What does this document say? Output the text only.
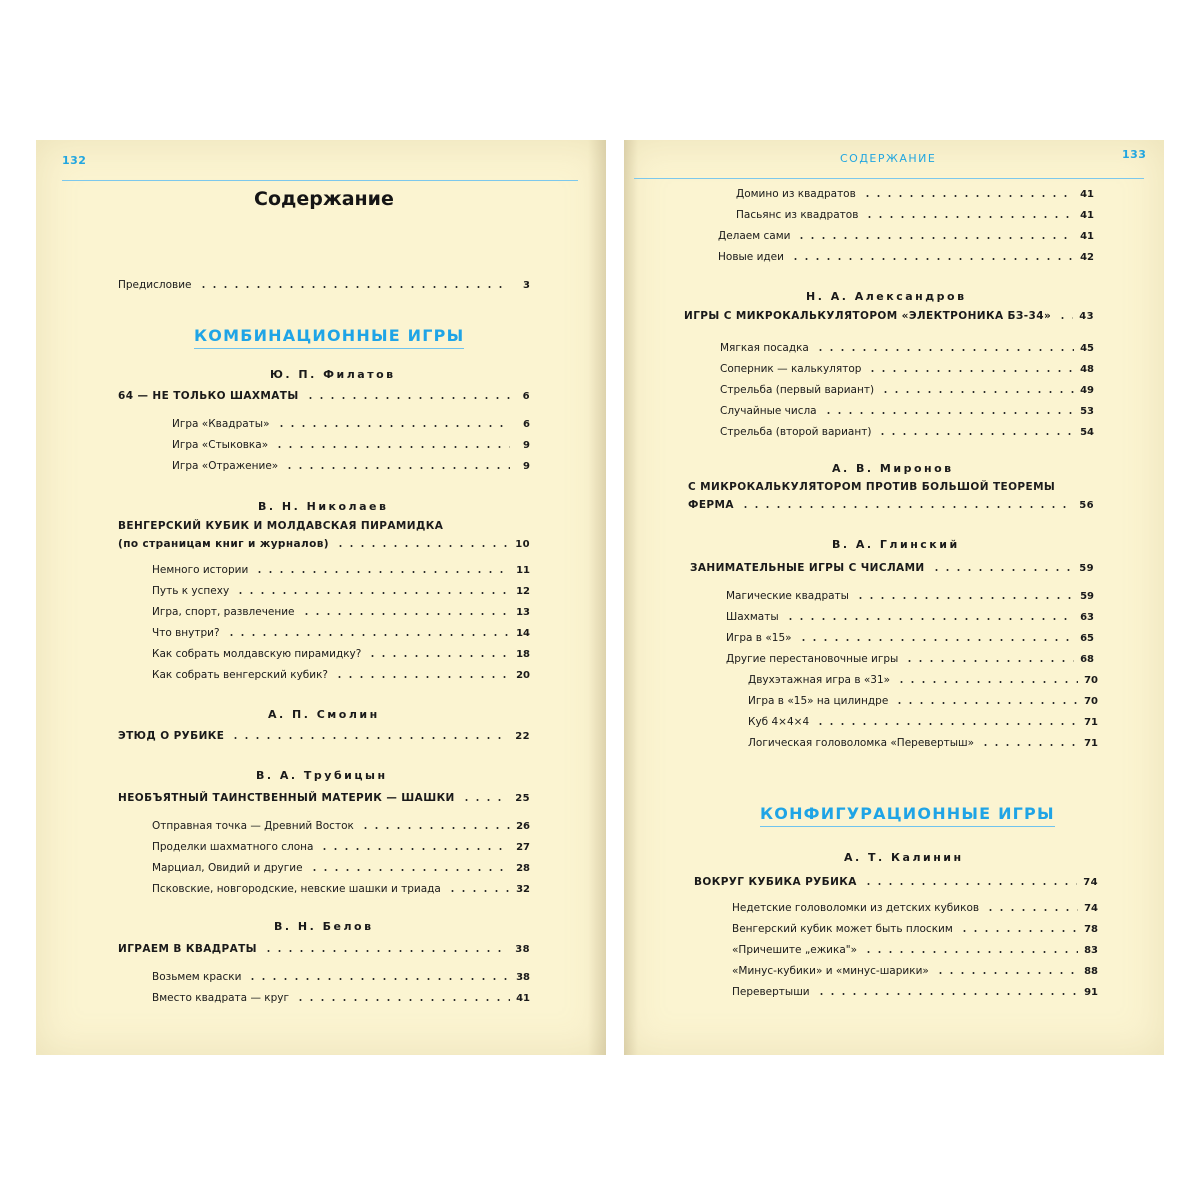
132
Содержание
Предисловие	3
КОМБИНАЦИОННЫЕ ИГРЫ
Ю. П. Филатов
64 — НЕ ТОЛЬКО ШАХМАТЫ	6
Игра «Квадраты»	6
Игра «Стыковка»	9
Игра «Отражение»	9
В. Н. Николаев
ВЕНГЕРСКИЙ КУБИК И МОЛДАВСКАЯ ПИРАМИДКА
(по страницам книг и журналов)	10
Немного истории	11
Путь к успеху	12
Игра, спорт, развлечение	13
Что внутри?	14
Как собрать молдавскую пирамидку?	18
Как собрать венгерский кубик?	20
А. П. Смолин
ЭТЮД О РУБИКЕ	22
В. А. Трубицын
НЕОБЪЯТНЫЙ ТАИНСТВЕННЫЙ МАТЕРИК — ШАШКИ	25
Отправная точка — Древний Восток	26
Проделки шахматного слона	27
Марциал, Овидий и другие	28
Псковские, новгородские, невские шашки и триада	32
В. Н. Белов
ИГРАЕМ В КВАДРАТЫ	38
Возьмем краски	38
Вместо квадрата — круг	41
СОДЕРЖАНИЕ	133
Домино из квадратов	41
Пасьянс из квадратов	41
Делаем сами	41
Новые идеи	42
Н. А. Александров
ИГРЫ С МИКРОКАЛЬКУЛЯТОРОМ «ЭЛЕКТРОНИКА БЗ-34»	43
Мягкая посадка	45
Соперник — калькулятор	48
Стрельба (первый вариант)	49
Случайные числа	53
Стрельба (второй вариант)	54
А. В. Миронов
С МИКРОКАЛЬКУЛЯТОРОМ ПРОТИВ БОЛЬШОЙ ТЕОРЕМЫ
ФЕРМА	56
В. А. Глинский
ЗАНИМАТЕЛЬНЫЕ ИГРЫ С ЧИСЛАМИ	59
Магические квадраты	59
Шахматы	63
Игра в «15»	65
Другие перестановочные игры	68
Двухэтажная игра в «31»	70
Игра в «15» на цилиндре	70
Куб 4×4×4	71
Логическая головоломка «Перевертыш»	71
КОНФИГУРАЦИОННЫЕ ИГРЫ
А. Т. Калинин
ВОКРУГ КУБИКА РУБИКА	74
Недетские головоломки из детских кубиков	74
Венгерский кубик может быть плоским	78
«Причешите „ежика"»	83
«Минус-кубики» и «минус-шарики»	88
Перевертыши	91
